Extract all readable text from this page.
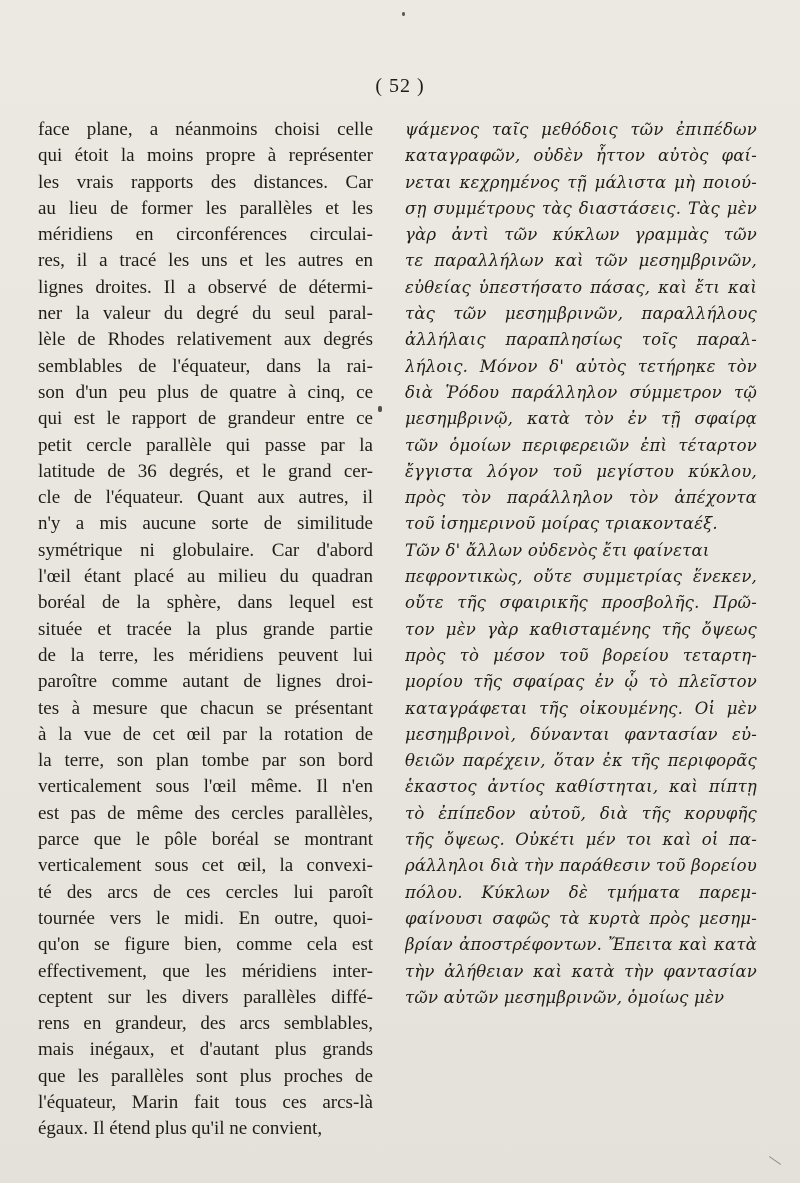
( 52 )
face plane, a néanmoins choisi celle
qui étoit la moins propre à représenter
les vrais rapports des distances. Car
au lieu de former les parallèles et les
méridiens en circonférences circulai-
res, il a tracé les uns et les autres en
lignes droites. Il a observé de détermi-
ner la valeur du degré du seul paral-
lèle de Rhodes relativement aux degrés
semblables de l'équateur, dans la rai-
son d'un peu plus de quatre à cinq, ce
qui est le rapport de grandeur entre ce
petit cercle parallèle qui passe par la
latitude de 36 degrés, et le grand cer-
cle de l'équateur. Quant aux autres, il
n'y a mis aucune sorte de similitude
symétrique ni globulaire. Car d'abord
l'œil étant placé au milieu du quadran
boréal de la sphère, dans lequel est
située et tracée la plus grande partie
de la terre, les méridiens peuvent lui
paroître comme autant de lignes droi-
tes à mesure que chacun se présentant
à la vue de cet œil par la rotation de
la terre, son plan tombe par son bord
verticalement sous l'œil même. Il n'en
est pas de même des cercles parallèles,
parce que le pôle boréal se montrant
verticalement sous cet œil, la convexi-
té des arcs de ces cercles lui paroît
tournée vers le midi. En outre, quoi-
qu'on se figure bien, comme cela est
effectivement, que les méridiens inter-
ceptent sur les divers parallèles diffé-
rens en grandeur, des arcs semblables,
mais inégaux, et d'autant plus grands
que les parallèles sont plus proches de
l'équateur, Marin fait tous ces arcs-là
égaux. Il étend plus qu'il ne convient,
ψάμενος ταῖς μεθόδοις τῶν ἐπιπέδων
καταγραφῶν, οὐδὲν ἧττον αὐτὸς φαί-
νεται κεχρημένος τῇ μάλιστα μὴ ποιού-
σῃ συμμέτρους τὰς διαστάσεις. Τὰς μὲν
γὰρ ἀντὶ τῶν κύκλων γραμμὰς τῶν
τε παραλλήλων καὶ τῶν μεσημβρινῶν,
εὐθείας ὑπεστήσατο πάσας, καὶ ἔτι καὶ
τὰς τῶν μεσημβρινῶν, παραλλήλους
ἀλλήλαις παραπλησίως τοῖς παραλ-
λήλοις. Μόνον δ' αὐτὸς τετήρηκε τὸν
διὰ Ῥόδου παράλληλον σύμμετρον τῷ
μεσημβρινῷ, κατὰ τὸν ἐν τῇ σφαίρᾳ
τῶν ὁμοίων περιφερειῶν ἐπὶ τέταρτον
ἔγγιστα λόγον τοῦ μεγίστου κύκλου,
πρὸς τὸν παράλληλον τὸν ἀπέχοντα
τοῦ ἰσημερινοῦ μοίρας τριακονταέξ.
Τῶν δ' ἄλλων οὐδενὸς ἔτι φαίνεται
πεφροντικὼς, οὔτε συμμετρίας ἕνεκεν,
οὔτε τῆς σφαιρικῆς προσβολῆς. Πρῶ-
τον μὲν γὰρ καθισταμένης τῆς ὄψεως
πρὸς τὸ μέσον τοῦ βορείου τεταρτη-
μορίου τῆς σφαίρας ἐν ᾧ τὸ πλεῖστον
καταγράφεται τῆς οἰκουμένης. Οἱ μὲν
μεσημβρινοὶ, δύνανται φαντασίαν εὐ-
θειῶν παρέχειν, ὅταν ἐκ τῆς περιφορᾶς
ἑκαστος ἀντίος καθίστηται, καὶ πίπτῃ
τὸ ἐπίπεδον αὐτοῦ, διὰ τῆς κορυφῆς
τῆς ὄψεως. Οὐκέτι μέν τοι καὶ οἱ πα-
ράλληλοι διὰ τὴν παράθεσιν τοῦ βορείου
πόλου. Κύκλων δὲ τμήματα παρεμ-
φαίνουσι σαφῶς τὰ κυρτὰ πρὸς μεσημ-
βρίαν ἀποστρέφοντων. Ἔπειτα καὶ κατὰ
τὴν ἀλήθειαν καὶ κατὰ τὴν φαντασίαν
τῶν αὐτῶν μεσημβρινῶν, ὁμοίως μὲν
